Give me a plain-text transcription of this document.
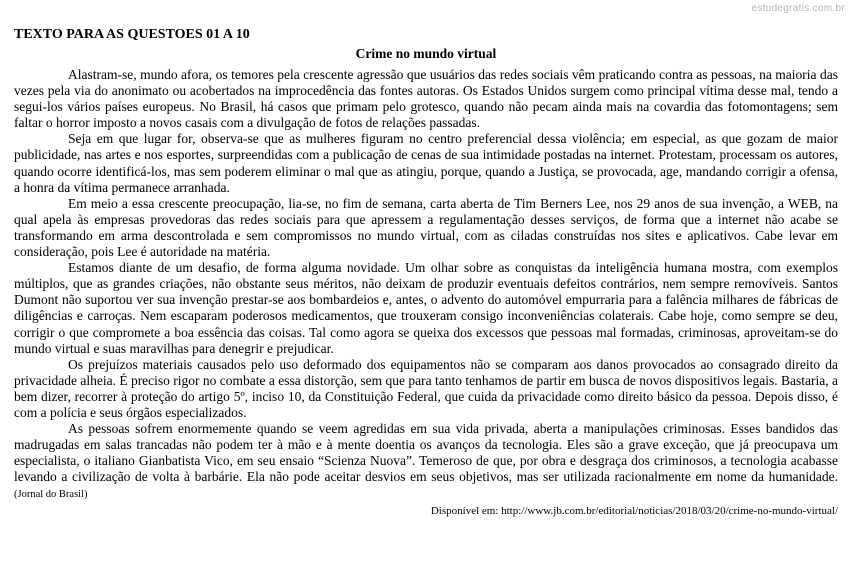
estudegratis.com.br
TEXTO PARA AS QUESTOES 01 A 10
Crime no mundo virtual

Alastram-se, mundo afora, os temores pela crescente agressão que usuários das redes sociais vêm praticando contra as pessoas, na maioria das vezes pela via do anonimato ou acobertados na improcedência das fontes autoras. Os Estados Unidos surgem como principal vítima desse mal, tendo a segui-los vários países europeus. No Brasil, há casos que primam pelo grotesco, quando não pecam ainda mais na covardia das fotomontagens; sem faltar o horror imposto a novos casais com a divulgação de fotos de relações passadas.

Seja em que lugar for, observa-se que as mulheres figuram no centro preferencial dessa violência; em especial, as que gozam de maior publicidade, nas artes e nos esportes, surpreendidas com a publicação de cenas de sua intimidade postadas na internet. Protestam, processam os autores, quando ocorre identificá-los, mas sem poderem eliminar o mal que as atingiu, porque, quando a Justiça, se provocada, age, mandando corrigir a ofensa, a honra da vítima permanece arranhada.

Em meio a essa crescente preocupação, lia-se, no fim de semana, carta aberta de Tim Berners Lee, nos 29 anos de sua invenção, a WEB, na qual apela às empresas provedoras das redes sociais para que apressem a regulamentação desses serviços, de forma que a internet não acabe se transformando em arma descontrolada e sem compromissos no mundo virtual, com as ciladas construídas nos sites e aplicativos. Cabe levar em consideração, pois Lee é autoridade na matéria.

Estamos diante de um desafio, de forma alguma novidade. Um olhar sobre as conquistas da inteligência humana mostra, com exemplos múltiplos, que as grandes criações, não obstante seus méritos, não deixam de produzir eventuais defeitos contrários, nem sempre removíveis. Santos Dumont não suportou ver sua invenção prestar-se aos bombardeios e, antes, o advento do automóvel empurraria para a falência milhares de fábricas de diligências e carroças. Nem escaparam poderosos medicamentos, que trouxeram consigo inconveniências colaterais. Cabe hoje, como sempre se deu, corrigir o que compromete a boa essência das coisas. Tal como agora se queixa dos excessos que pessoas mal formadas, criminosas, aproveitam-se do mundo virtual e suas maravilhas para denegrir e prejudicar.

Os prejuízos materiais causados pelo uso deformado dos equipamentos não se comparam aos danos provocados ao consagrado direito da privacidade alheia. É preciso rigor no combate a essa distorção, sem que para tanto tenhamos de partir em busca de novos dispositivos legais. Bastaria, a bem dizer, recorrer à proteção do artigo 5º, inciso 10, da Constituição Federal, que cuida da privacidade como direito básico da pessoa. Depois disso, é com a polícia e seus órgãos especializados.

As pessoas sofrem enormemente quando se veem agredidas em sua vida privada, aberta a manipulações criminosas. Esses bandidos das madrugadas em salas trancadas não podem ter à mão e à mente doentia os avanços da tecnologia. Eles são a grave exceção, que já preocupava um especialista, o italiano Gianbatista Vico, em seu ensaio “Scienza Nuova”. Temeroso de que, por obra e desgraça dos criminosos, a tecnologia acabasse levando a civilização de volta à barbárie. Ela não pode aceitar desvios em seus objetivos, mas ser utilizada racionalmente em nome da humanidade. (Jornal do Brasil)

Disponível em: http://www.jb.com.br/editorial/noticias/2018/03/20/crime-no-mundo-virtual/
